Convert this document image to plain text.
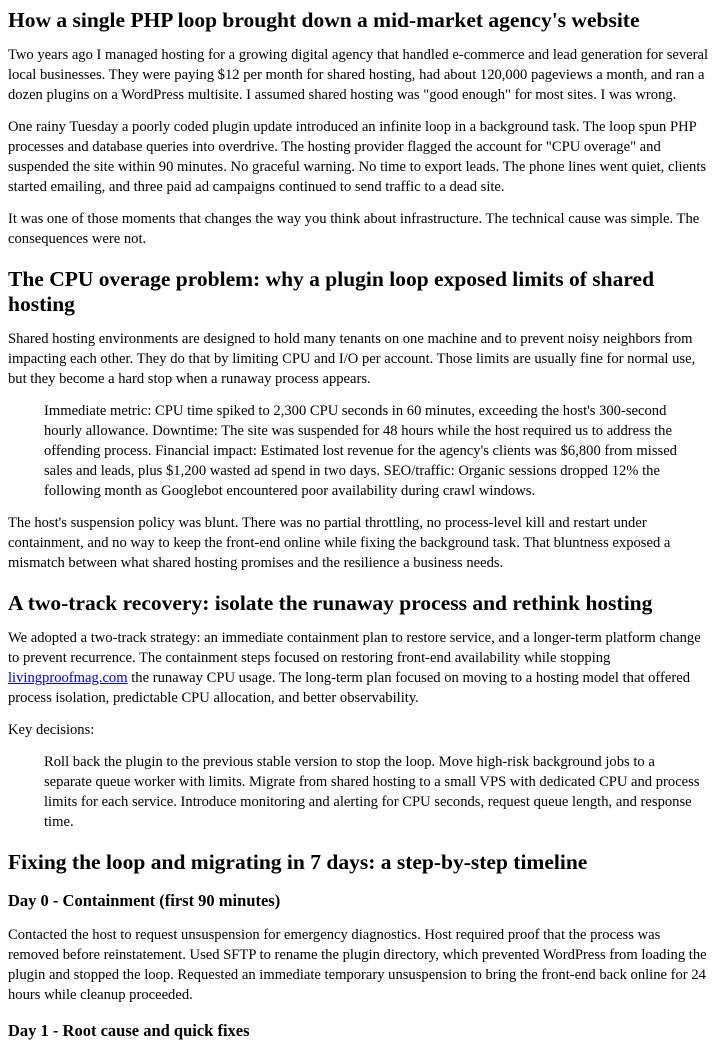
How a single PHP loop brought down a mid-market agency's website

Two years ago I managed hosting for a growing digital agency that handled e-commerce and lead generation for several local businesses. They were paying $12 per month for shared hosting, had about 120,000 pageviews a month, and ran a dozen plugins on a WordPress multisite. I assumed shared hosting was "good enough" for most sites. I was wrong.

One rainy Tuesday a poorly coded plugin update introduced an infinite loop in a background task. The loop spun PHP processes and database queries into overdrive. The hosting provider flagged the account for "CPU overage" and suspended the site within 90 minutes. No graceful warning. No time to export leads. The phone lines went quiet, clients started emailing, and three paid ad campaigns continued to send traffic to a dead site.

It was one of those moments that changes the way you think about infrastructure. The technical cause was simple. The consequences were not.

The CPU overage problem: why a plugin loop exposed limits of shared hosting

Shared hosting environments are designed to hold many tenants on one machine and to prevent noisy neighbors from impacting each other. They do that by limiting CPU and I/O per account. Those limits are usually fine for normal use, but they become a hard stop when a runaway process appears.

Immediate metric: CPU time spiked to 2,300 CPU seconds in 60 minutes, exceeding the host's 300-second hourly allowance. Downtime: The site was suspended for 48 hours while the host required us to address the offending process. Financial impact: Estimated lost revenue for the agency's clients was $6,800 from missed sales and leads, plus $1,200 wasted ad spend in two days. SEO/traffic: Organic sessions dropped 12% the following month as Googlebot encountered poor availability during crawl windows.

The host's suspension policy was blunt. There was no partial throttling, no process-level kill and restart under containment, and no way to keep the front-end online while fixing the background task. That bluntness exposed a mismatch between what shared hosting promises and the resilience a business needs.

A two-track recovery: isolate the runaway process and rethink hosting

We adopted a two-track strategy: an immediate containment plan to restore service, and a longer-term platform change to prevent recurrence. The containment steps focused on restoring front-end availability while stopping livingproofmag.com the runaway CPU usage. The long-term plan focused on moving to a hosting model that offered process isolation, predictable CPU allocation, and better observability.

Key decisions:

Roll back the plugin to the previous stable version to stop the loop. Move high-risk background jobs to a separate queue worker with limits. Migrate from shared hosting to a small VPS with dedicated CPU and process limits for each service. Introduce monitoring and alerting for CPU seconds, request queue length, and response time.

Fixing the loop and migrating in 7 days: a step-by-step timeline
Day 0 - Containment (first 90 minutes)

Contacted the host to request unsuspension for emergency diagnostics. Host required proof that the process was removed before reinstatement. Used SFTP to rename the plugin directory, which prevented WordPress from loading the plugin and stopped the loop. Requested an immediate temporary unsuspension to bring the front-end back online for 24 hours while cleanup proceeded.

Day 1 - Root cause and quick fixes
